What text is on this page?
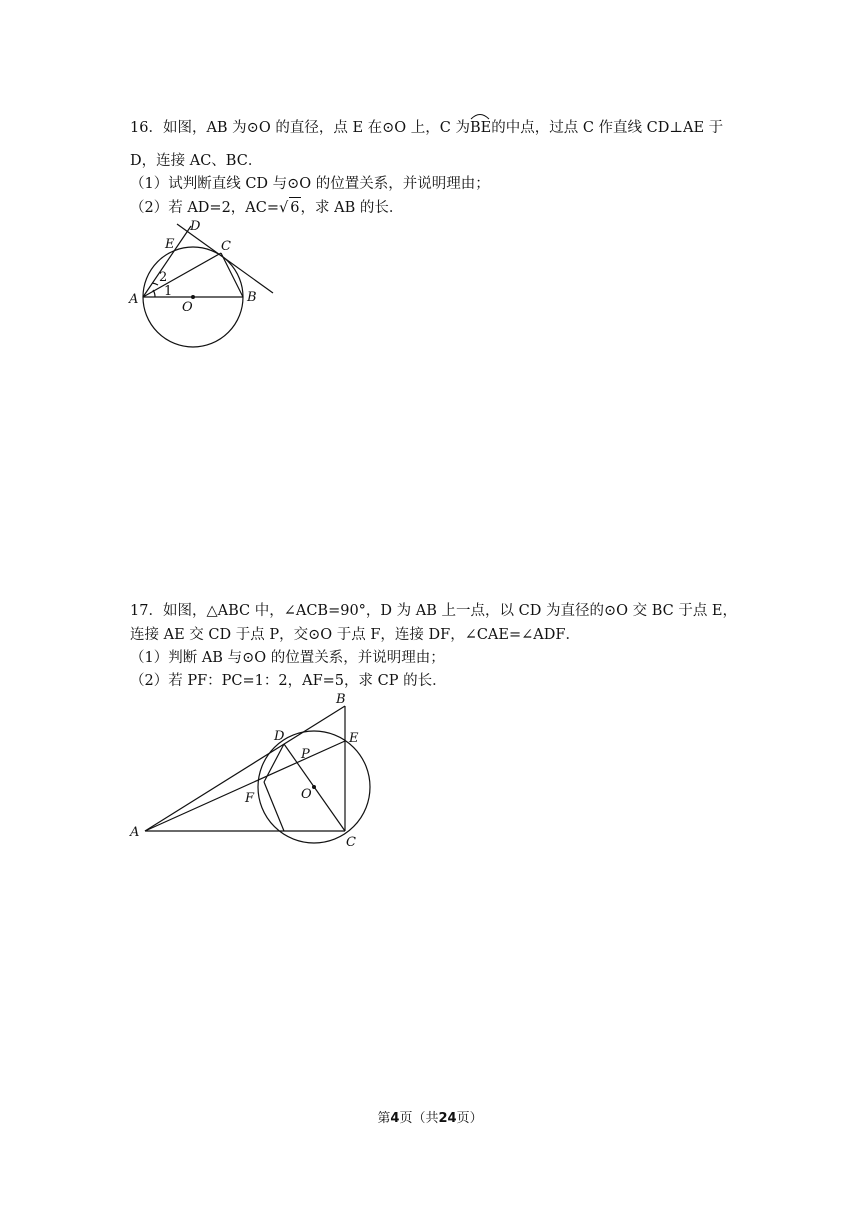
16．如图，AB 为⊙O 的直径，点 E 在⊙O 上，C 为
BE的中点，过点 C 作直线 CD⊥AE 于
D，连接 AC、BC．
（1）试判断直线 CD 与⊙O 的位置关系，并说明理由；
（2）若 AD=2，AC=√ 6，求 AB 的长．
D
E	C
A	B
O
1
2
17．如图，△ABC 中，∠ACB=90°，D 为 AB 上一点，以 CD 为直径的⊙O 交 BC 于点 E，
连接 AE 交 CD 于点 P，交⊙O 于点 F，连接 DF，∠CAE=∠ADF．
（1）判断 AB 与⊙O 的位置关系，并说明理由；
（2）若 PF：PC=1：2，AF=5，求 CP 的长．
B
D	E
P
O
F
A
C
第4页（共24页）
